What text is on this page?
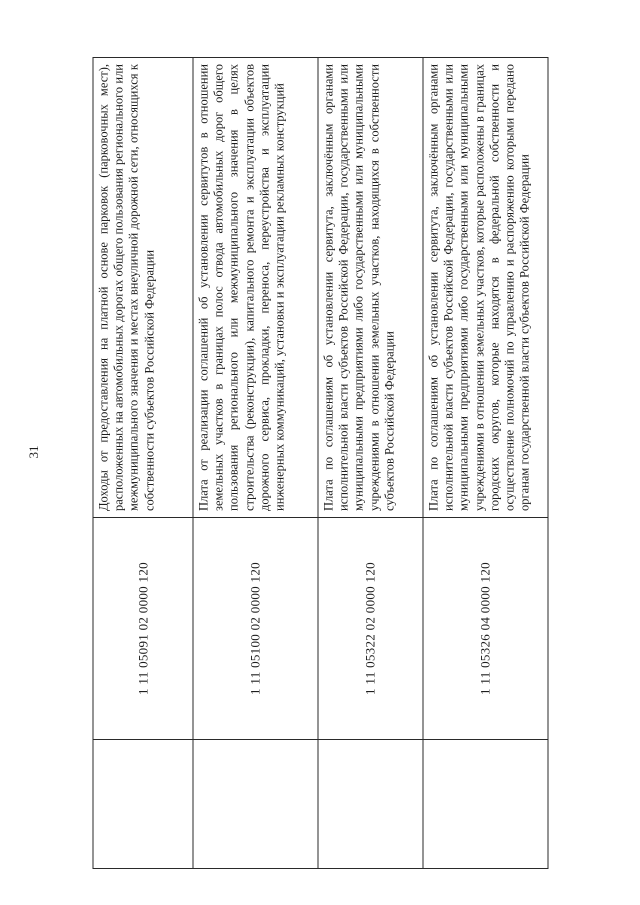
31
	1 11 05091 02 0000 120	Доходы от предоставления на платной основе парковок (парковочных мест), расположенных на автомобильных дорогах общего пользования регионального или межмуниципального значения и местах внеуличной дорожной сети, относящихся к собственности субъектов Российской Федерации
	1 11 05100 02 0000 120	Плата от реализации соглашений об установлении сервитутов в отношении земельных участков в границах полос отвода автомобильных дорог общего пользования регионального или межмуниципального значения в целях строительства (реконструкции), капитального ремонта и эксплуатации объектов дорожного сервиса, прокладки, переноса, переустройства и эксплуатации инженерных коммуникаций, установки и эксплуатации рекламных конструкций
	1 11 05322 02 0000 120	Плата по соглашениям об установлении сервитута, заключённым органами исполнительной власти субъектов Российской Федерации, государственными или муниципальными предприятиями либо государственными или муниципальными учреждениями в отношении земельных участков, находящихся в собственности субъектов Российской Федерации
	1 11 05326 04 0000 120	Плата по соглашениям об установлении сервитута, заключённым органами исполнительной власти субъектов Российской Федерации, государственными или муниципальными предприятиями либо государственными или муниципальными учреждениями в отношении земельных участков, которые расположены в границах городских округов, которые находятся в федеральной собственности и осуществление полномочий по управлению и распоряжению которыми передано органам государственной власти субъектов Российской Федерации
